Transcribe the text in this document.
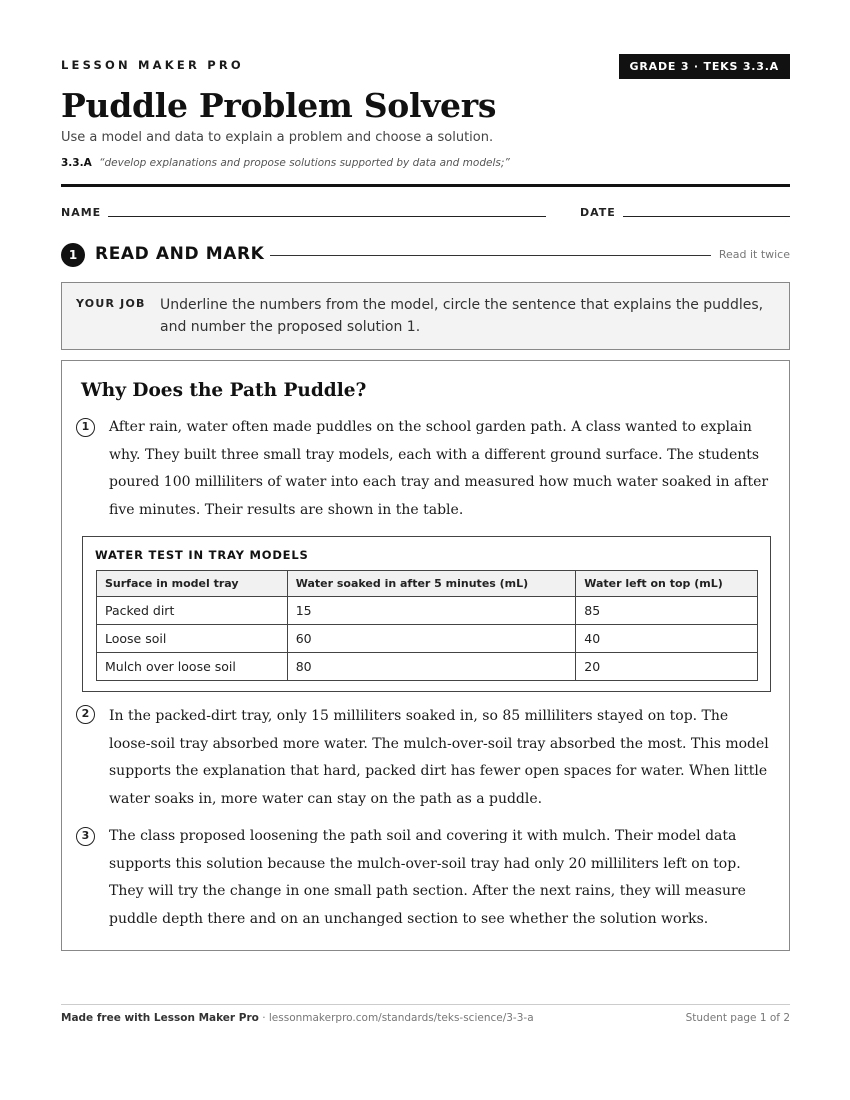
LESSON MAKER PRO	GRADE 3 · TEKS 3.3.A
Puddle Problem Solvers
Use a model and data to explain a problem and choose a solution.
3.3.A “develop explanations and propose solutions supported by data and models;”
NAME	DATE
1	READ AND MARK	Read it twice
YOUR JOB Underline the numbers from the model, circle the sentence that explains the puddles, and number the proposed solution 1.
Why Does the Path Puddle?
1	After rain, water often made puddles on the school garden path. A class wanted to explain why. They built three small tray models, each with a different ground surface. The students poured 100 milliliters of water into each tray and measured how much water soaked in after five minutes. Their results are shown in the table.

WATER TEST IN TRAY MODELS
Surface in model tray	Water soaked in after 5 minutes (mL)	Water left on top (mL)
Packed dirt	15	85
Loose soil	60	40
Mulch over loose soil	80	20
2	In the packed-dirt tray, only 15 milliliters soaked in, so 85 milliliters stayed on top. The loose-soil tray absorbed more water. The mulch-over-soil tray absorbed the most. This model supports the explanation that hard, packed dirt has fewer open spaces for water. When little water soaks in, more water can stay on the path as a puddle.

3	The class proposed loosening the path soil and covering it with mulch. Their model data supports this solution because the mulch-over-soil tray had only 20 milliliters left on top. They will try the change in one small path section. After the next rains, they will measure puddle depth there and on an unchanged section to see whether the solution works.

Made free with Lesson Maker Pro · lessonmakerpro.com/standards/teks-science/3-3-a	Student page 1 of 2
